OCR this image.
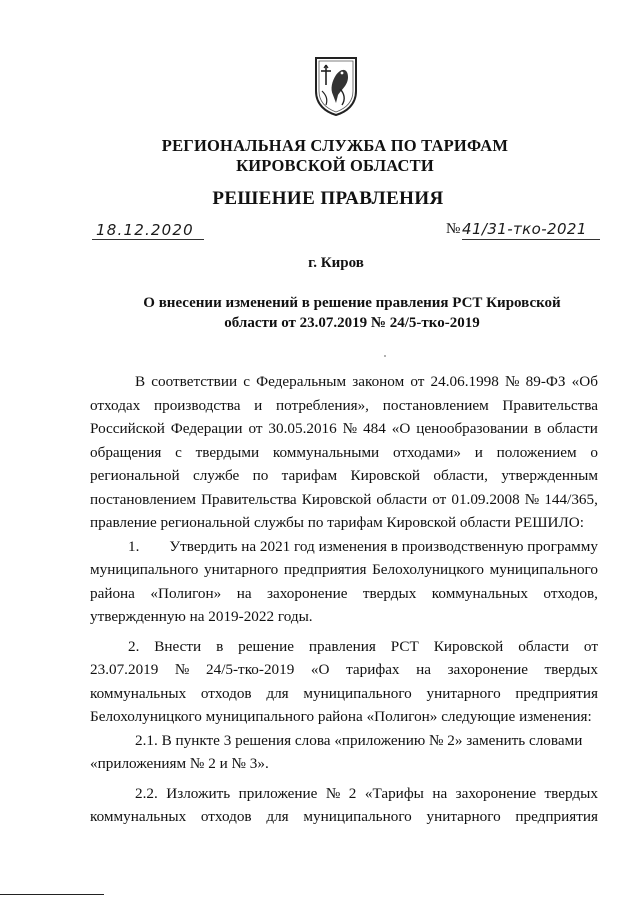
РЕГИОНАЛЬНАЯ СЛУЖБА ПО ТАРИФАМ
КИРОВСКОЙ ОБЛАСТИ
РЕШЕНИЕ ПРАВЛЕНИЯ
18.12.2020	№ 41/31-тко-2021
г. Киров
О внесении изменений в решение правления РСТ Кировской
области от 23.07.2019 № 24/5-тко-2019
В соответствии с Федеральным законом от 24.06.1998 № 89-ФЗ «Об
отходах производства и потребления», постановлением Правительства
Российской Федерации от 30.05.2016 № 484 «О ценообразовании в области
обращения с твердыми коммунальными отходами» и положением о
региональной службе по тарифам Кировской области, утвержденным
постановлением Правительства Кировской области от 01.09.2008 № 144/365,
правление региональной службы по тарифам Кировской области РЕШИЛО:
1. Утвердить на 2021 год изменения в производственную программу
муниципального унитарного предприятия Белохолуницкого муниципального
района «Полигон» на захоронение твердых коммунальных отходов,
утвержденную на 2019-2022 годы.
2. Внести в решение правления РСТ Кировской области от
23.07.2019 № 24/5-тко-2019 «О тарифах на захоронение твердых
коммунальных отходов для муниципального унитарного предприятия
Белохолуницкого муниципального района «Полигон» следующие изменения:
2.1. В пункте 3 решения слова «приложению № 2» заменить словами
«приложениям № 2 и № 3».
2.2. Изложить приложение № 2 «Тарифы на захоронение твердых
коммунальных отходов для муниципального унитарного предприятия
